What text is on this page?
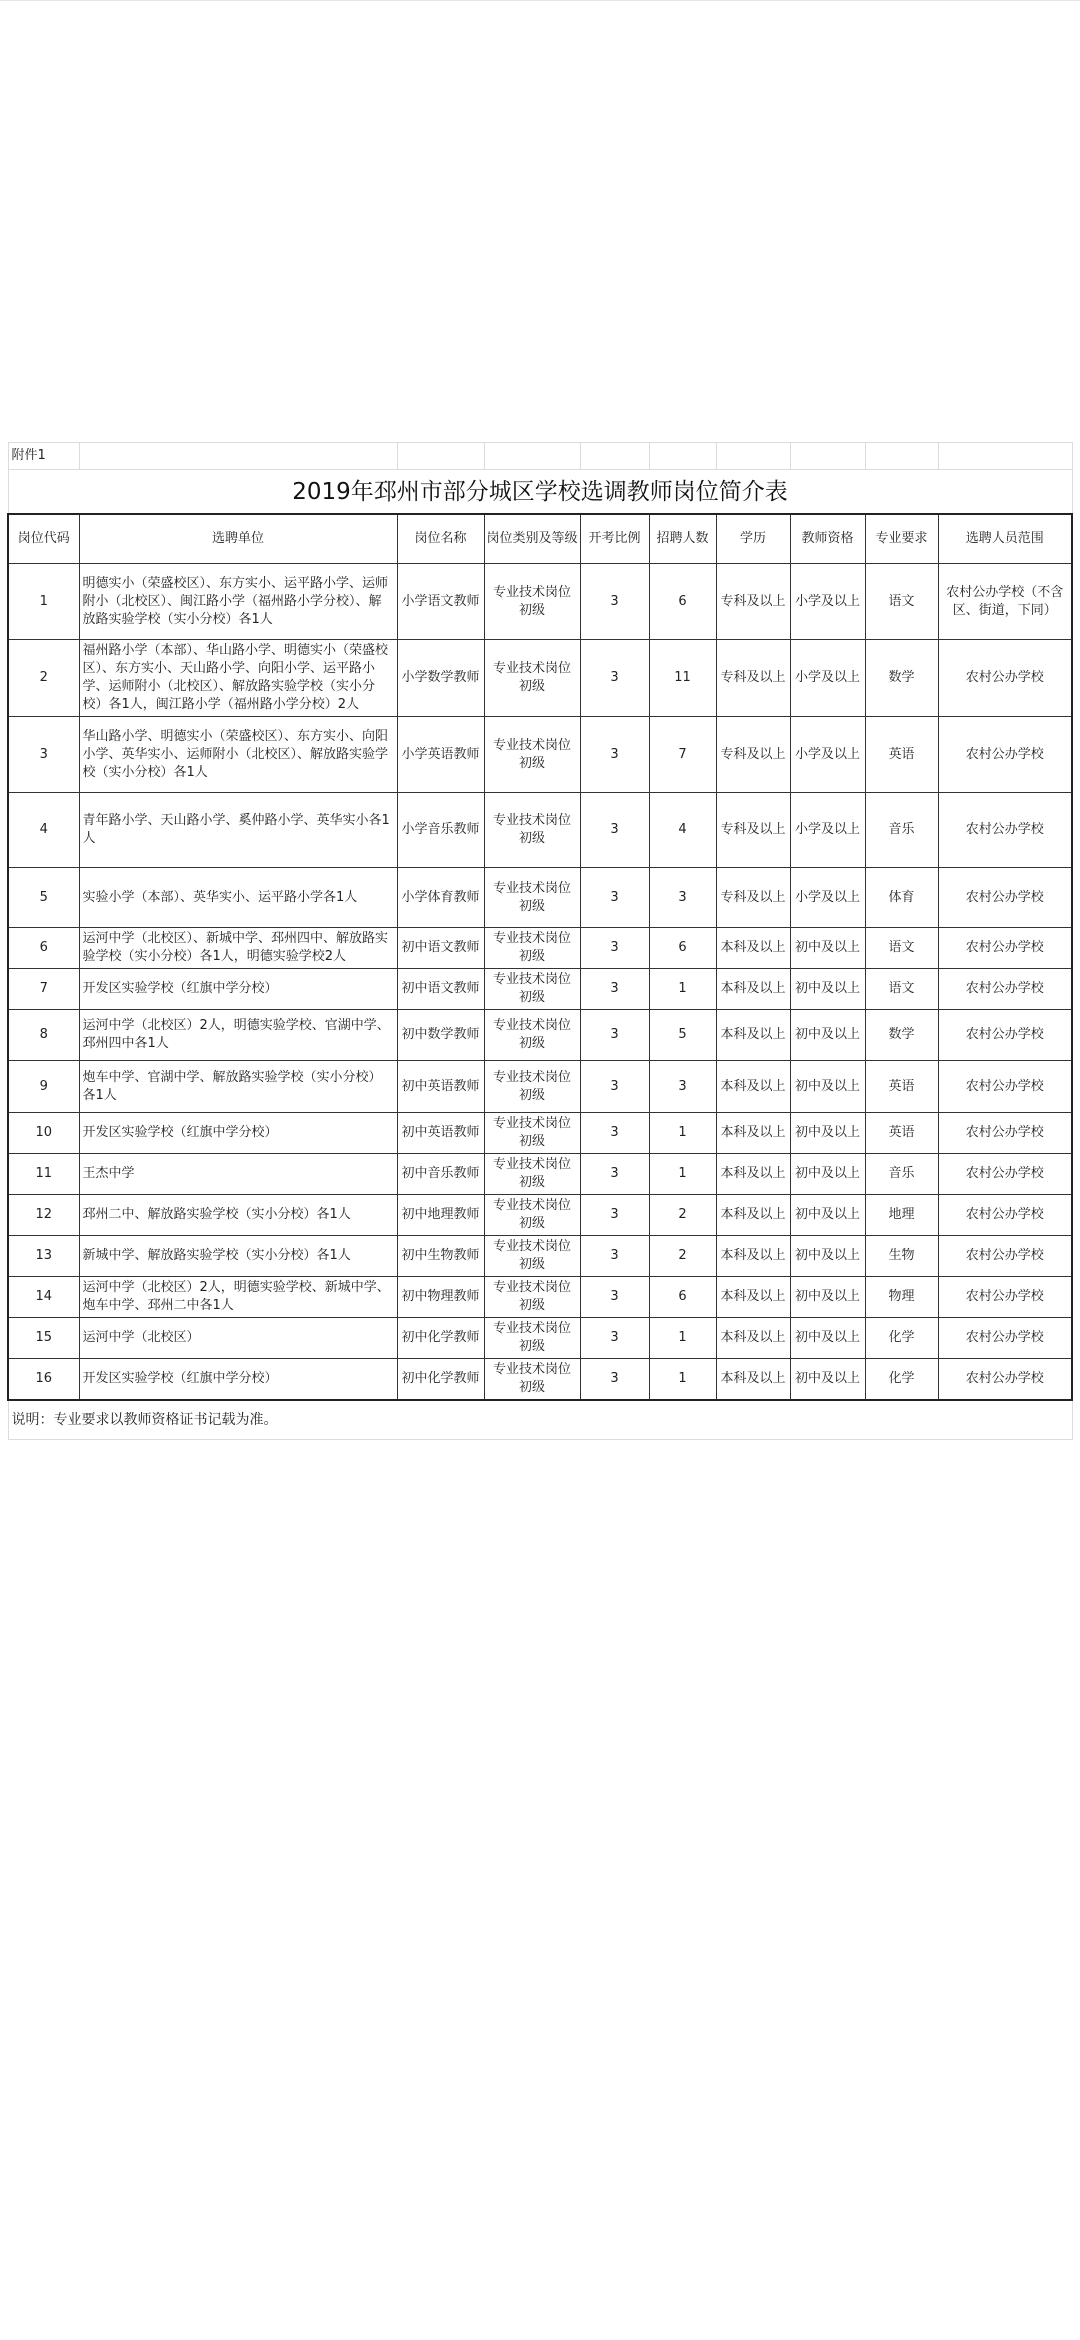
附件1									
2019年邳州市部分城区学校选调教师岗位简介表									
岗位代码	选聘单位	岗位名称	岗位类别及等级	开考比例	招聘人数	学历	教师资格	专业要求	选聘人员范围
1	明德实小（荣盛校区）、东方实小、运平路小学、运师附小（北校区）、闽江路小学（福州路小学分校）、解放路实验学校（实小分校）各1人	小学语文教师	专业技术岗位初级	3	6	专科及以上	小学及以上	语文	农村公办学校（不含区、街道，下同）
2	福州路小学（本部）、华山路小学、明德实小（荣盛校区）、东方实小、天山路小学、向阳小学、运平路小学、运师附小（北校区）、解放路实验学校（实小分校）各1人，闽江路小学（福州路小学分校）2人	小学数学教师	专业技术岗位初级	3	11	专科及以上	小学及以上	数学	农村公办学校
3	华山路小学、明德实小（荣盛校区）、东方实小、向阳小学、英华实小、运师附小（北校区）、解放路实验学校（实小分校）各1人	小学英语教师	专业技术岗位初级	3	7	专科及以上	小学及以上	英语	农村公办学校
4	青年路小学、天山路小学、奚仲路小学、英华实小各1人	小学音乐教师	专业技术岗位初级	3	4	专科及以上	小学及以上	音乐	农村公办学校
5	实验小学（本部）、英华实小、运平路小学各1人	小学体育教师	专业技术岗位初级	3	3	专科及以上	小学及以上	体育	农村公办学校
6	运河中学（北校区）、新城中学、邳州四中、解放路实验学校（实小分校）各1人，明德实验学校2人	初中语文教师	专业技术岗位初级	3	6	本科及以上	初中及以上	语文	农村公办学校
7	开发区实验学校（红旗中学分校）	初中语文教师	专业技术岗位初级	3	1	本科及以上	初中及以上	语文	农村公办学校
8	运河中学（北校区）2人，明德实验学校、官湖中学、邳州四中各1人	初中数学教师	专业技术岗位初级	3	5	本科及以上	初中及以上	数学	农村公办学校
9	炮车中学、官湖中学、解放路实验学校（实小分校）各1人	初中英语教师	专业技术岗位初级	3	3	本科及以上	初中及以上	英语	农村公办学校
10	开发区实验学校（红旗中学分校）	初中英语教师	专业技术岗位初级	3	1	本科及以上	初中及以上	英语	农村公办学校
11	王杰中学	初中音乐教师	专业技术岗位初级	3	1	本科及以上	初中及以上	音乐	农村公办学校
12	邳州二中、解放路实验学校（实小分校）各1人	初中地理教师	专业技术岗位初级	3	2	本科及以上	初中及以上	地理	农村公办学校
13	新城中学、解放路实验学校（实小分校）各1人	初中生物教师	专业技术岗位初级	3	2	本科及以上	初中及以上	生物	农村公办学校
14	运河中学（北校区）2人，明德实验学校、新城中学、炮车中学、邳州二中各1人	初中物理教师	专业技术岗位初级	3	6	本科及以上	初中及以上	物理	农村公办学校
15	运河中学（北校区）	初中化学教师	专业技术岗位初级	3	1	本科及以上	初中及以上	化学	农村公办学校
16	开发区实验学校（红旗中学分校）	初中化学教师	专业技术岗位初级	3	1	本科及以上	初中及以上	化学	农村公办学校
说明：专业要求以教师资格证书记载为准。									
